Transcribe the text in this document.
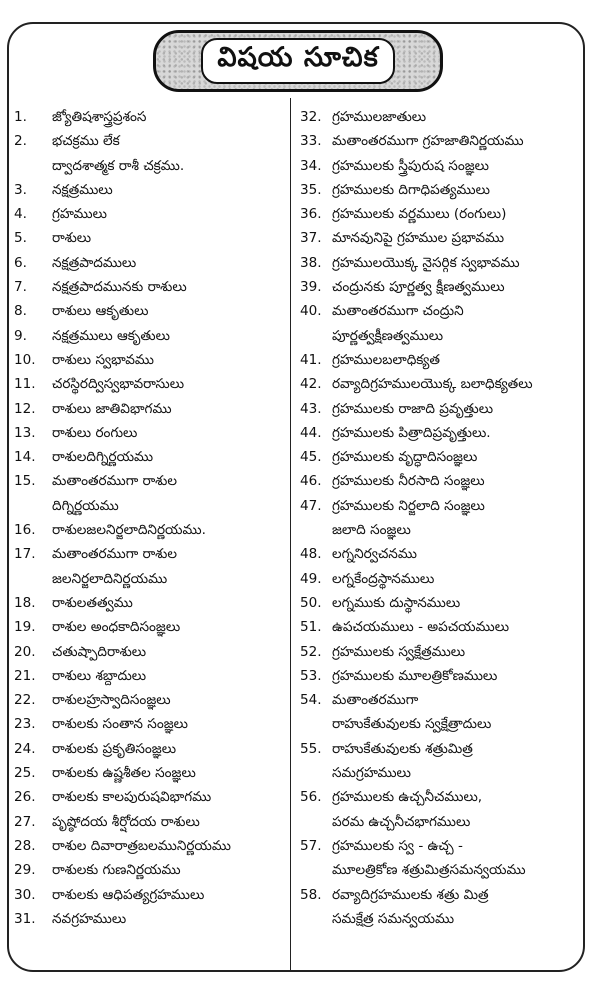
విషయ సూచిక
1. జ్యోతిషశాస్త్రప్రశంస
2. భచక్రము లేక
ద్వాదశాత్మక రాశీ చక్రము.
3. నక్షత్రములు
4. గ్రహములు
5. రాశులు
6. నక్షత్రపాదములు
7. నక్షత్రపాదమునకు రాశులు
8. రాశులు ఆకృతులు
9. నక్షత్రములు ఆకృతులు
10. రాశులు స్వభావము
11. చరస్థిరద్విస్వభావరాసులు
12. రాశులు జాతివిభాగము
13. రాశులు రంగులు
14. రాశులదిగ్నిర్ణయము
15. మతాంతరముగా రాశుల
దిగ్నిర్ణయము
16. రాశులజలనిర్జలాదినిర్ణయము.
17. మతాంతరముగా రాశుల
జలనిర్జలాదినిర్ణయము
18. రాశులతత్వము
19. రాశుల అంధకాదిసంజ్ఞలు
20. చతుష్పాదిరాశులు
21. రాశులు శబ్దాదులు
22. రాశులహ్రస్వాదిసంజ్ఞలు
23. రాశులకు సంతాన సంజ్ఞలు
24. రాశులకు ప్రకృతిసంజ్ఞలు
25. రాశులకు ఉష్ణశీతల సంజ్ఞలు
26. రాశులకు కాలపురుషవిభాగము
27. పృష్ఠోదయ శీర్షోదయ రాశులు
28. రాశుల దివారాత్రబలమునిర్ణయము
29. రాశులకు గుణనిర్ణయము
30. రాశులకు ఆధిపత్యగ్రహములు
31. నవగ్రహములు
32. గ్రహములజాతులు
33. మతాంతరముగా గ్రహజాతినిర్ణయము
34. గ్రహములకు స్త్రీపురుష సంజ్ఞలు
35. గ్రహములకు దిగాధిపత్యములు
36. గ్రహములకు వర్ణములు (రంగులు)
37. మానవునిపై గ్రహముల ప్రభావము
38. గ్రహములయొక్క నైసర్గిక స్వభావము
39. చంద్రునకు పూర్ణత్వ క్షీణత్వములు
40. మతాంతరముగా చంద్రుని
పూర్ణత్వక్షీణత్వములు
41. గ్రహములబలాధిక్యత
42. రవ్యాదిగ్రహములయొక్క బలాధిక్యతలు
43. గ్రహములకు రాజాది ప్రవృత్తులు
44. గ్రహములకు పిత్రాదిప్రవృత్తులు.
45. గ్రహములకు వృద్ధాదిసంజ్ఞలు
46. గ్రహములకు నీరసాది సంజ్ఞలు
47. గ్రహములకు నిర్జలాది సంజ్ఞలు
జలాది సంజ్ఞలు
48. లగ్ననిర్వచనము
49. లగ్నకేంద్రస్థానములు
50. లగ్నముకు దుస్థానములు
51. ఉపచయములు - అపచయములు
52. గ్రహములకు స్వక్షేత్రములు
53. గ్రహములకు మూలత్రికోణములు
54. మతాంతరముగా
రాహుకేతువులకు స్వక్షేత్రాదులు
55. రాహుకేతువులకు శత్రుమిత్ర
సమగ్రహములు
56. గ్రహములకు ఉచ్చనీచములు,
పరమ ఉచ్చనీచభాగములు
57. గ్రహములకు స్వ - ఉచ్చ -
మూలత్రికోణ శత్రుమిత్రసమన్వయము
58. రవ్యాదిగ్రహములకు శత్రు మిత్ర
సమక్షేత్ర సమన్వయము
